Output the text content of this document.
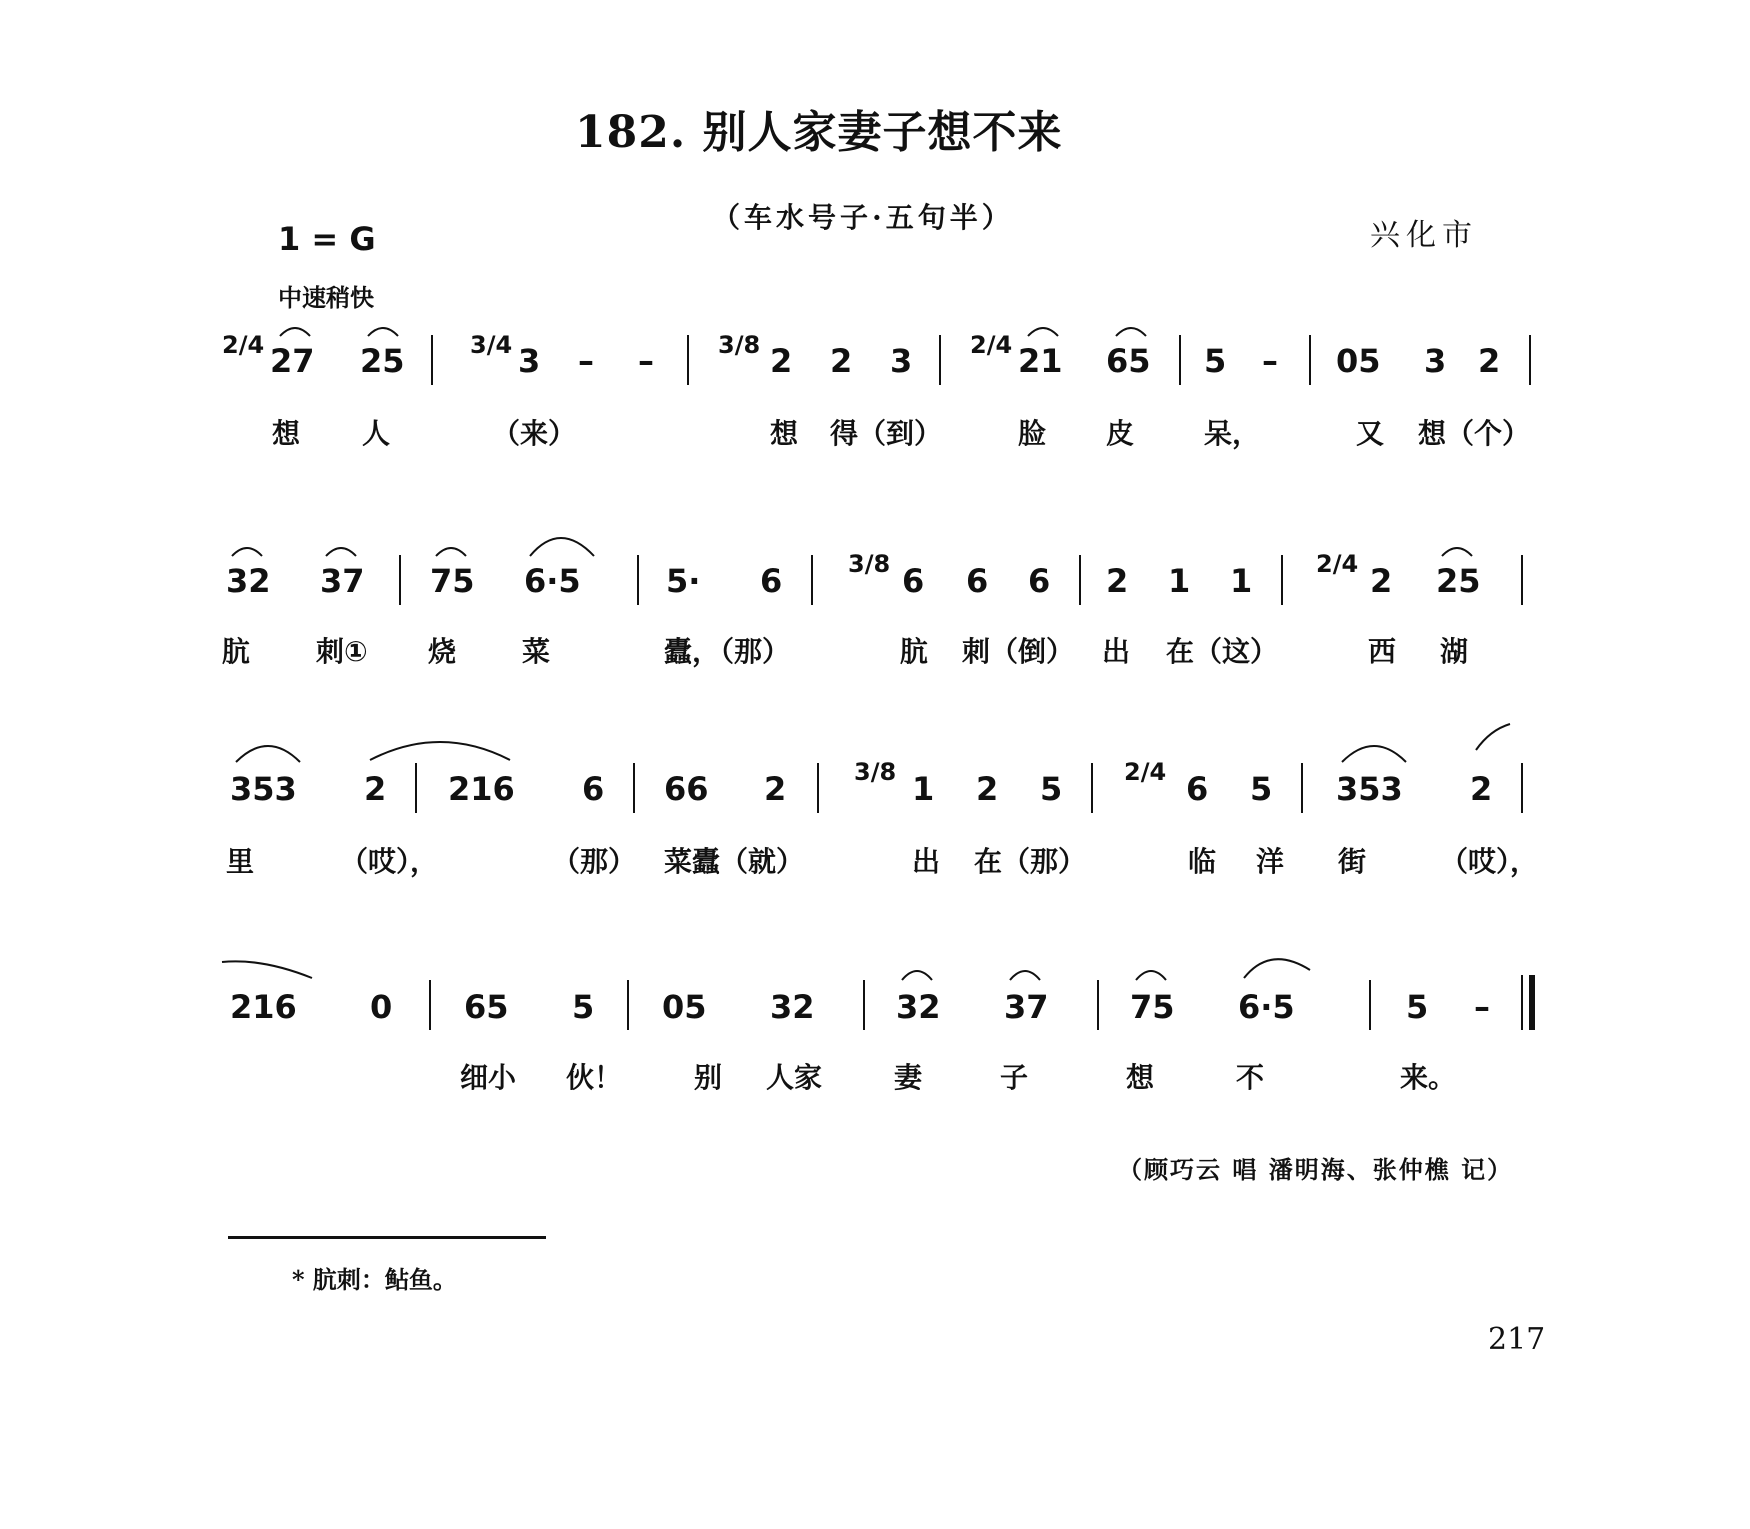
182. 别人家妻子想不来
（车水号子·五句半）
兴化市
1 = G
中速稍快
2/4 27 25	3/4 3 – –	3/8 2 2 3 2/4 21 65 5 – 05 3 2
32 37 75 6·5	5· 6	3/8 6 6 6 2 1 1	2/4 2 25
353 2 216 6 66 2	3/8 1 2 5	2/4 6 5 353 2
216 0 65 5 05 32	32 37	75 6·5	5 –
想 人	（来）	想 得（到）	脸 皮 呆，	又 想（个）
肮 刺① 烧 菜	蠹，（那）	肮 刺（倒） 出 在（这）	西 湖
里	（哎），	（那） 菜蠹（就）	出 在（那）	临 洋 街	（哎），
细小 伙！	别 人家	妻	子	想	不	来。
（顾巧云 唱 潘明海、张仲樵 记）
* 肮刺：鲇鱼。
217
